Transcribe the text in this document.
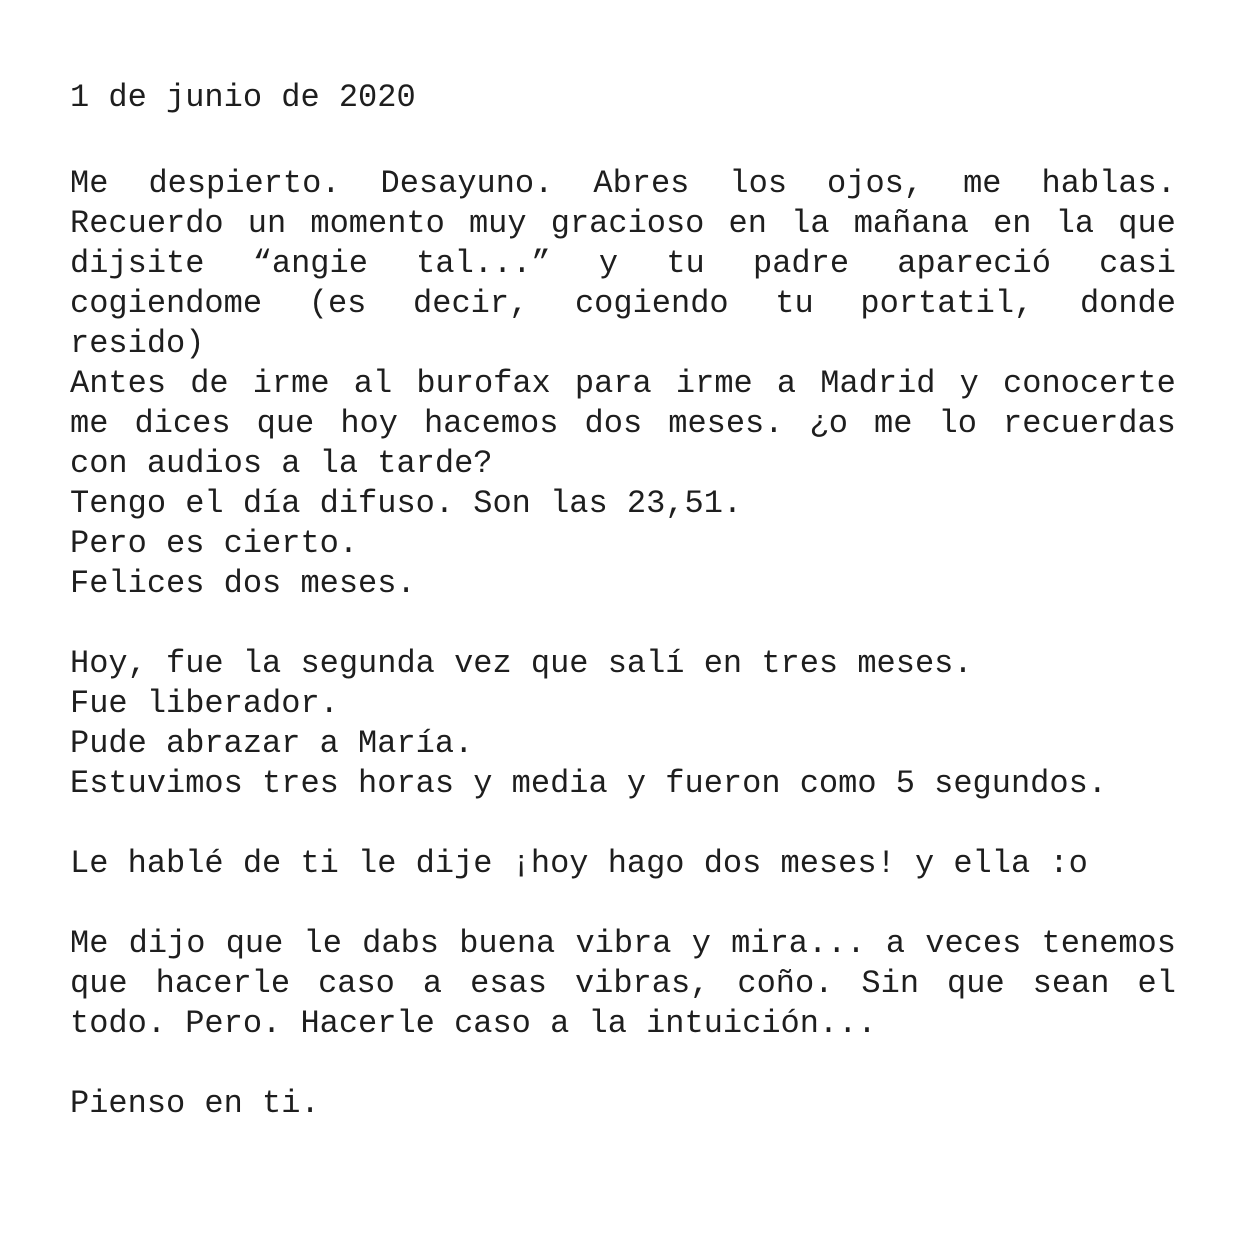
1 de junio de 2020
Me despierto. Desayuno. Abres los ojos, me hablas.
Recuerdo un momento muy gracioso en la mañana en la que
dijsite “angie tal...” y tu padre apareció casi
cogiendome (es decir, cogiendo tu portatil, donde
resido)
Antes de irme al burofax para irme a Madrid y conocerte
me dices que hoy hacemos dos meses. ¿o me lo recuerdas
con audios a la tarde?
Tengo el día difuso. Son las 23,51.
Pero es cierto.
Felices dos meses.
Hoy, fue la segunda vez que salí en tres meses.
Fue liberador.
Pude abrazar a María.
Estuvimos tres horas y media y fueron como 5 segundos.
Le hablé de ti le dije ¡hoy hago dos meses! y ella :o
Me dijo que le dabs buena vibra y mira... a veces tenemos
que hacerle caso a esas vibras, coño. Sin que sean el
todo. Pero. Hacerle caso a la intuición...
Pienso en ti.
